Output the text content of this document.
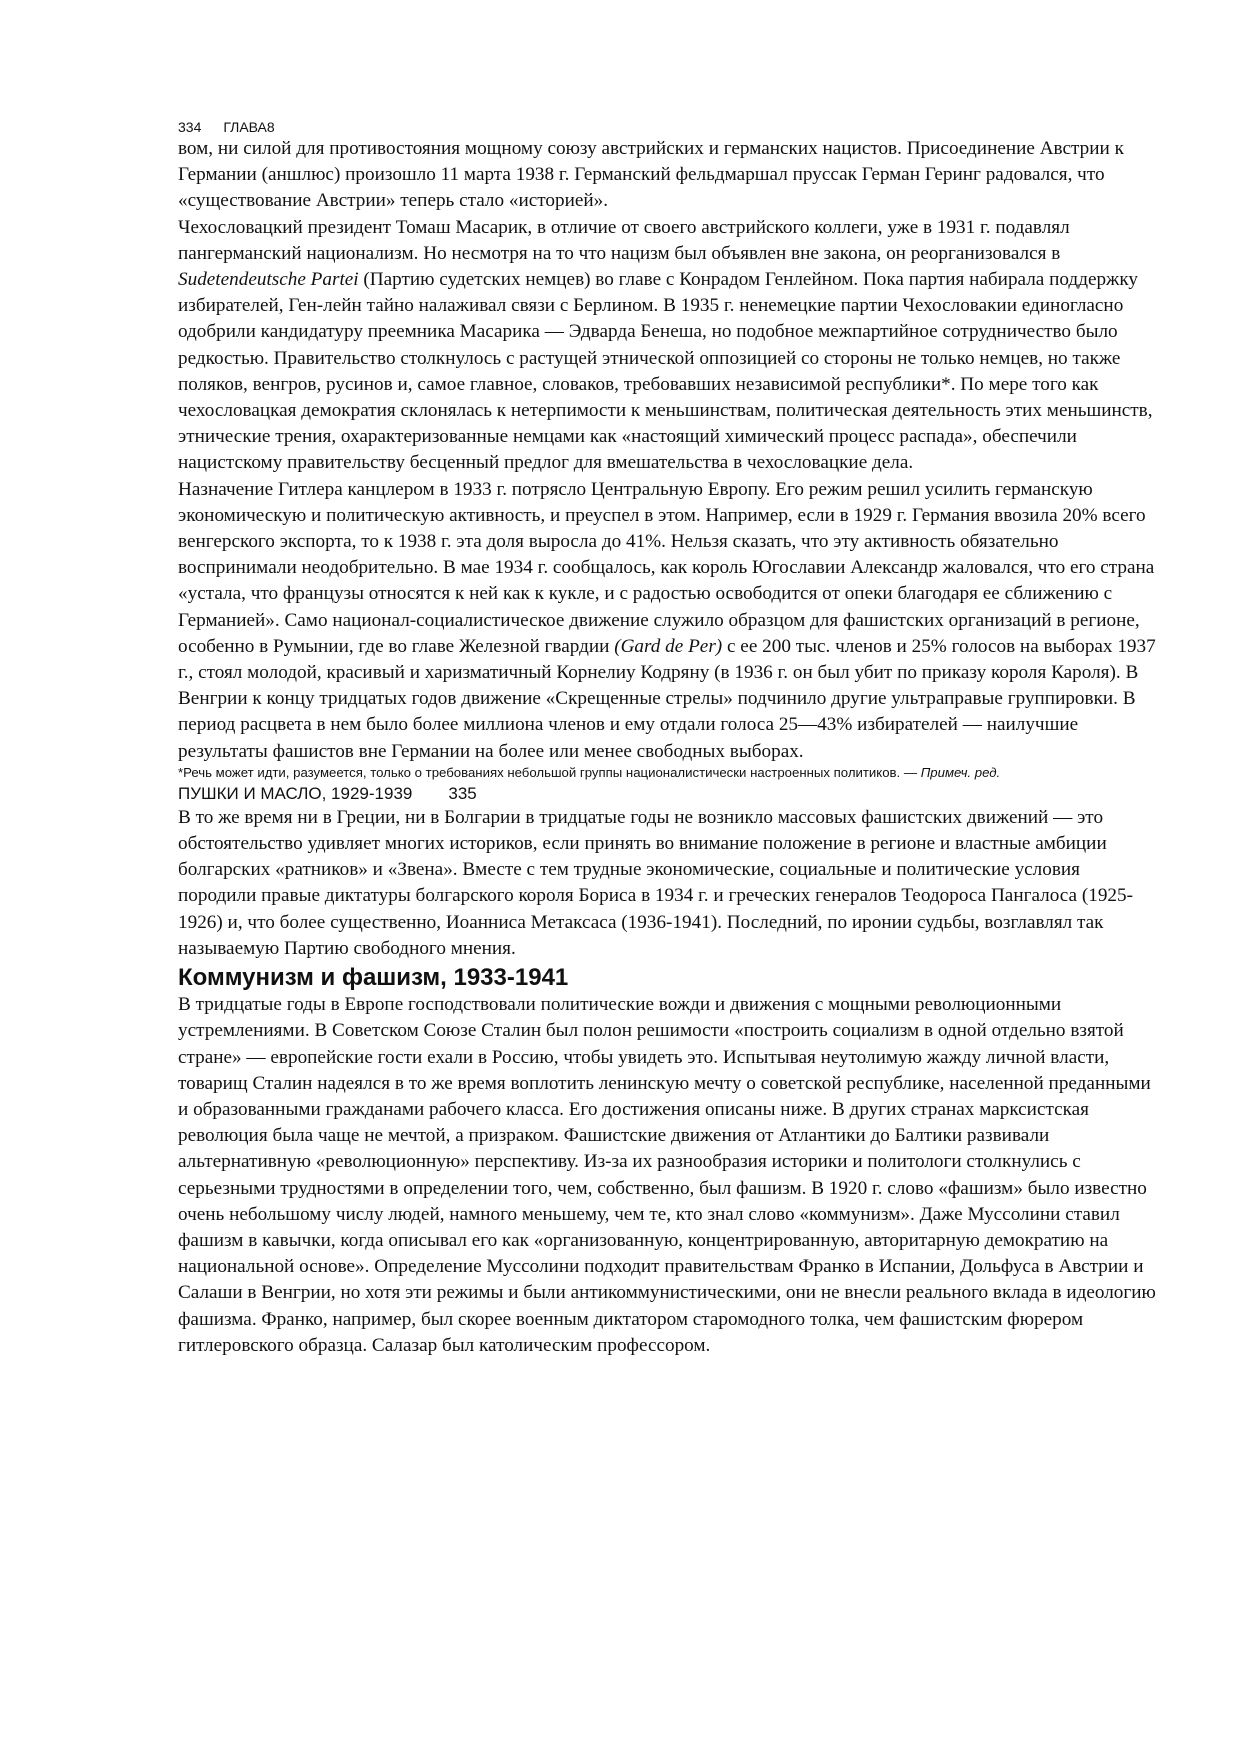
334 ГЛАВА8

вом, ни силой для противостояния мощному союзу австрийских и германских нацистов. Присоединение Австрии к Германии (аншлюс) произошло 11 марта 1938 г. Германский фельдмаршал пруссак Герман Геринг радовался, что «существование Австрии» теперь стало «историей».

Чехословацкий президент Томаш Масарик, в отличие от своего австрийского коллеги, уже в 1931 г. подавлял пангерманский национализм. Но несмотря на то что нацизм был объявлен вне закона, он реорганизовался в Sudetendeutsche Partei (Партию судетских немцев) во главе с Конрадом Генлейном. Пока партия набирала поддержку избирателей, Ген-лейн тайно налаживал связи с Берлином. В 1935 г. ненемецкие партии Чехословакии единогласно одобрили кандидатуру преемника Масарика — Эдварда Бенеша, но подобное межпартийное сотрудничество было редкостью. Правительство столкнулось с растущей этнической оппозицией со стороны не только немцев, но также поляков, венгров, русинов и, самое главное, словаков, требовавших независимой республики*. По мере того как чехословацкая демократия склонялась к нетерпимости к меньшинствам, политическая деятельность этих меньшинств, этнические трения, охарактеризованные немцами как «настоящий химический процесс распада», обеспечили нацистскому правительству бесценный предлог для вмешательства в чехословацкие дела.

Назначение Гитлера канцлером в 1933 г. потрясло Центральную Европу. Его режим решил усилить германскую экономическую и политическую активность, и преуспел в этом. Например, если в 1929 г. Германия ввозила 20% всего венгерского экспорта, то к 1938 г. эта доля выросла до 41%. Нельзя сказать, что эту активность обязательно воспринимали неодобрительно. В мае 1934 г. сообщалось, как король Югославии Александр жаловался, что его страна «устала, что французы относятся к ней как к кукле, и с радостью освободится от опеки благодаря ее сближению с Германией». Само национал-социалистическое движение служило образцом для фашистских организаций в регионе, особенно в Румынии, где во главе Железной гвардии (Gard de Per) с ее 200 тыс. членов и 25% голосов на выборах 1937 г., стоял молодой, красивый и харизматичный Корнелиу Кодряну (в 1936 г. он был убит по приказу короля Кароля). В Венгрии к концу тридцатых годов движение «Скрещенные стрелы» подчинило другие ультраправые группировки. В период расцвета в нем было более миллиона членов и ему отдали голоса 25—43% избирателей — наилучшие результаты фашистов вне Германии на более или менее свободных выборах.

*Речь может идти, разумеется, только о требованиях небольшой группы националистически настроенных политиков. — Примеч. ред.
ПУШКИ И МАСЛО, 1929-1939 335

В то же время ни в Греции, ни в Болгарии в тридцатые годы не возникло массовых фашистских движений — это обстоятельство удивляет многих историков, если принять во внимание положение в регионе и властные амбиции болгарских «ратников» и «Звена». Вместе с тем трудные экономические, социальные и политические условия породили правые диктатуры болгарского короля Бориса в 1934 г. и греческих генералов Теодороса Пангалоса (1925-1926) и, что более существенно, Иоанниса Метаксаса (1936-1941). Последний, по иронии судьбы, возглавлял так называемую Партию свободного мнения.

Коммунизм и фашизм, 1933-1941

В тридцатые годы в Европе господствовали политические вожди и движения с мощными революционными устремлениями. В Советском Союзе Сталин был полон решимости «построить социализм в одной отдельно взятой стране» — европейские гости ехали в Россию, чтобы увидеть это. Испытывая неутолимую жажду личной власти, товарищ Сталин надеялся в то же время воплотить ленинскую мечту о советской республике, населенной преданными и образованными гражданами рабочего класса. Его достижения описаны ниже. В других странах марксистская революция была чаще не мечтой, а призраком. Фашистские движения от Атлантики до Балтики развивали альтернативную «революционную» перспективу. Из-за их разнообразия историки и политологи столкнулись с серьезными трудностями в определении того, чем, собственно, был фашизм. В 1920 г. слово «фашизм» было известно очень небольшому числу людей, намного меньшему, чем те, кто знал слово «коммунизм». Даже Муссолини ставил фашизм в кавычки, когда описывал его как «организованную, концентрированную, авторитарную демократию на национальной основе». Определение Муссолини подходит правительствам Франко в Испании, Дольфуса в Австрии и Салаши в Венгрии, но хотя эти режимы и были антикоммунистическими, они не внесли реального вклада в идеологию фашизма. Франко, например, был скорее военным диктатором старомодного толка, чем фашистским фюрером гитлеровского образца. Салазар был католическим профессором.
